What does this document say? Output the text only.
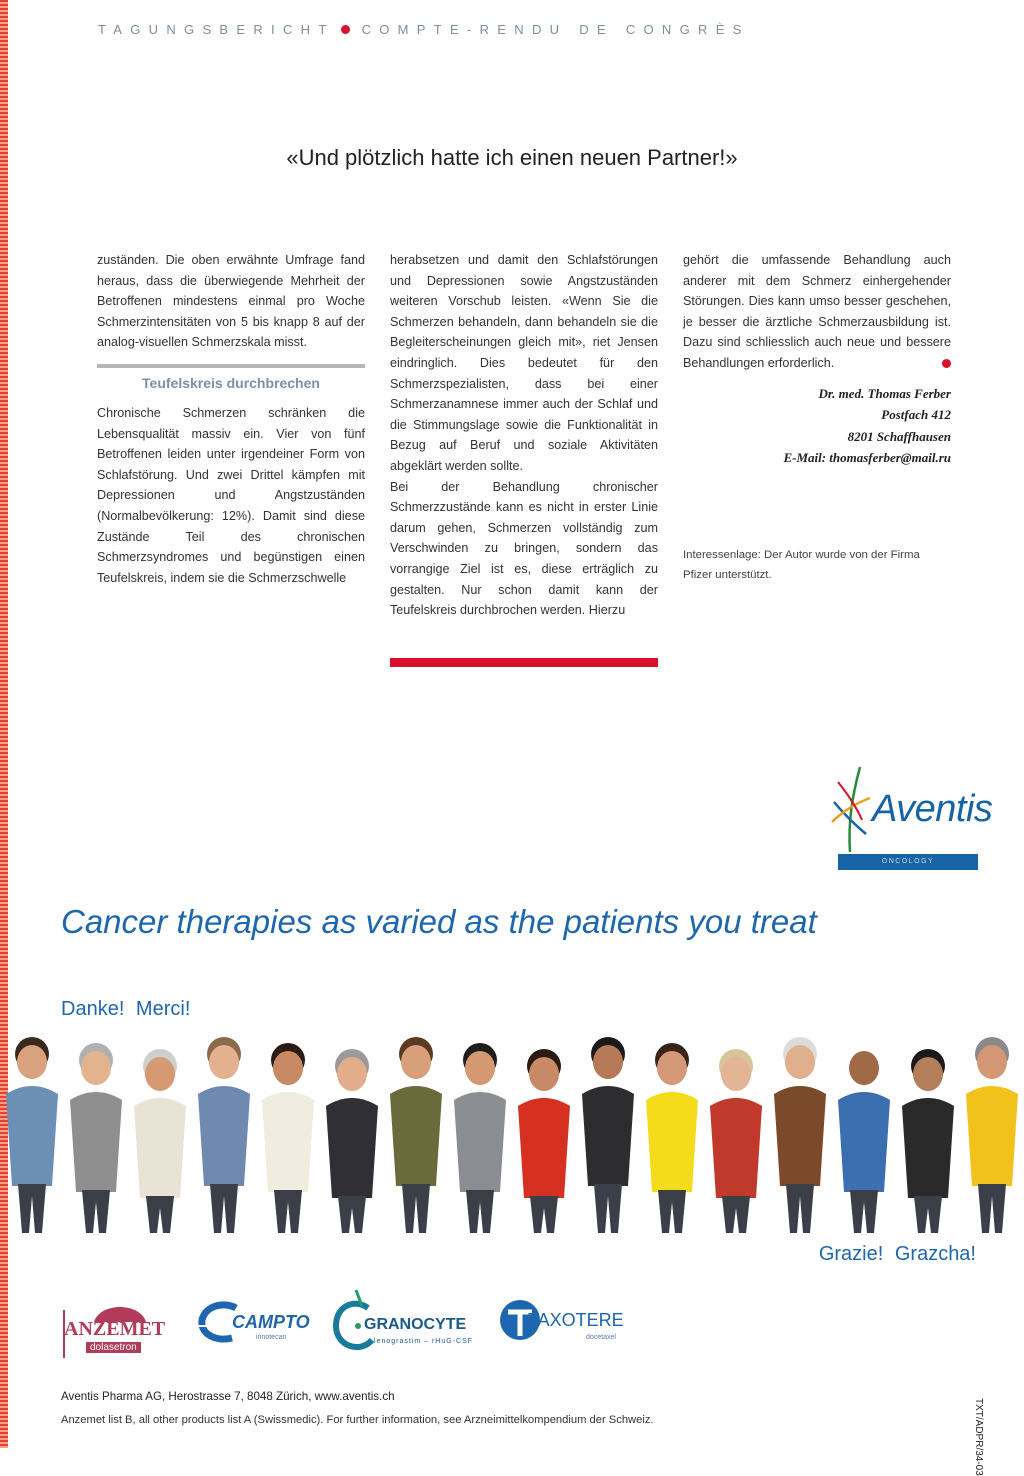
TAGUNGSBERICHT COMPTE-RENDU DE CONGRÈS
«Und plötzlich hatte ich einen neuen Partner!»

zuständen. Die oben erwähnte Umfrage fand heraus, dass die überwiegende Mehrheit der Betroffenen mindestens einmal pro Woche Schmerzintensitäten von 5 bis knapp 8 auf der analog-visuellen Schmerzskala misst.

Teufelskreis durchbrechen

Chronische Schmerzen schränken die Lebensqualität massiv ein. Vier von fünf Betroffenen leiden unter irgendeiner Form von Schlafstörung. Und zwei Drittel kämpfen mit Depressionen und Angstzuständen (Normalbevölkerung: 12%). Damit sind diese Zustände Teil des chronischen Schmerzsyndromes und begünstigen einen Teufelskreis, indem sie die Schmerzschwelle

herabsetzen und damit den Schlafstörungen und Depressionen sowie Angstzuständen weiteren Vorschub leisten. «Wenn Sie die Schmerzen behandeln, dann behandeln sie die Begleiterscheinungen gleich mit», riet Jensen eindringlich. Dies bedeutet für den Schmerzspezialisten, dass bei einer Schmerzanamnese immer auch der Schlaf und die Stimmungslage sowie die Funktionalität in Bezug auf Beruf und soziale Aktivitäten abgeklärt werden sollte.

Bei der Behandlung chronischer Schmerzzustände kann es nicht in erster Linie darum gehen, Schmerzen vollständig zum Verschwinden zu bringen, sondern das vorrangige Ziel ist es, diese erträglich zu gestalten. Nur schon damit kann der Teufelskreis durchbrochen werden. Hierzu

gehört die umfassende Behandlung auch anderer mit dem Schmerz einhergehender Störungen. Dies kann umso besser geschehen, je besser die ärztliche Schmerzausbildung ist. Dazu sind schliesslich auch neue und bessere Behandlungen erforderlich.

Dr. med. Thomas Ferber
Postfach 412
8201 Schaffhausen
E-Mail: thomasferber@mail.ru
Interessenlage: Der Autor wurde von der Firma Pfizer unterstützt.
Aventis
ONCOLOGY
Cancer therapies as varied as the patients you treat
Danke! Merci!
Grazie! Grazcha!
ANZEMET
dolasetron
CAMPTO
irinotecan
GRANOCYTE
lenograstim – rHuG-CSF
TAXOTERE
docetaxel
Aventis Pharma AG, Herostrasse 7, 8048 Zürich, www.aventis.ch
Anzemet list B, all other products list A (Swissmedic). For further information, see Arzneimittelkompendium der Schweiz.	TXT/ADPR/34-03
